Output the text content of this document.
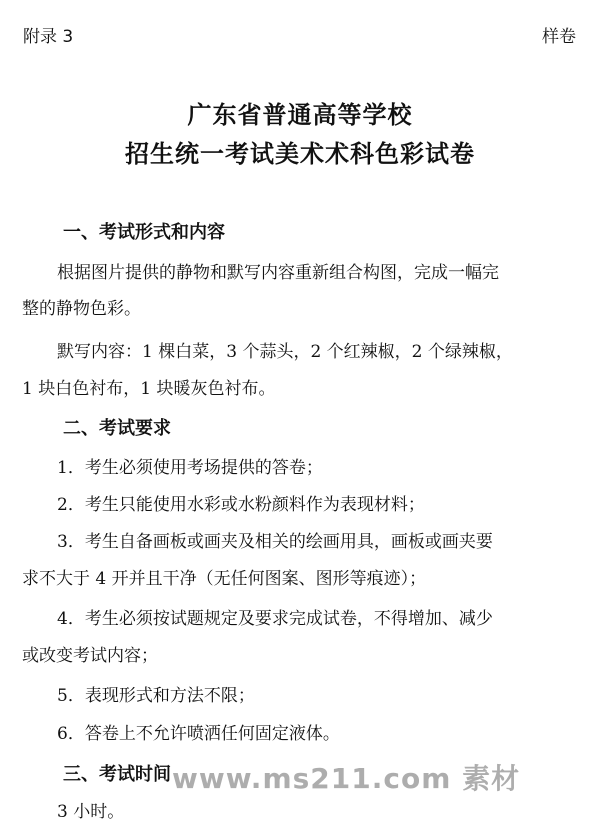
附录 3	样卷
广东省普通高等学校
招生统一考试美术术科色彩试卷
一、考试形式和内容
根据图片提供的静物和默写内容重新组合构图，完成一幅完
整的静物色彩。
默写内容：1 棵白菜，3 个蒜头，2 个红辣椒，2 个绿辣椒，
1 块白色衬布，1 块暖灰色衬布。
二、考试要求
1．考生必须使用考场提供的答卷；
2．考生只能使用水彩或水粉颜料作为表现材料；
3．考生自备画板或画夹及相关的绘画用具，画板或画夹要
求不大于 4 开并且干净（无任何图案、图形等痕迹）；
4．考生必须按试题规定及要求完成试卷，不得增加、减少
或改变考试内容；
5．表现形式和方法不限；
6．答卷上不允许喷洒任何固定液体。
三、考试时间
3 小时。
www.ms211.com 素材
